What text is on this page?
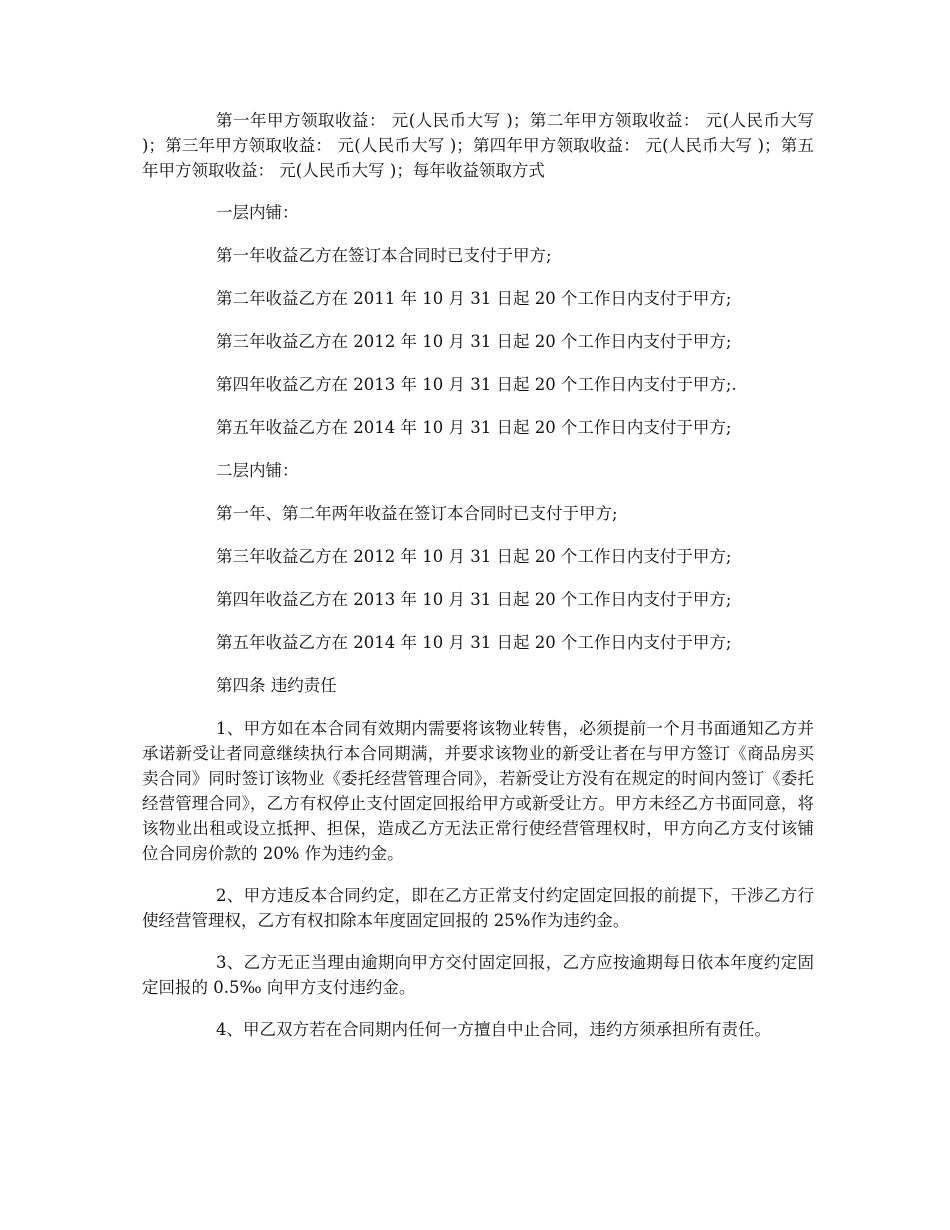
第一年甲方领取收益： 元(人民币大写 )；第二年甲方领取收益： 元(人民币大写 )；第三年甲方领取收益： 元(人民币大写 )；第四年甲方领取收益： 元(人民币大写 )；第五年甲方领取收益： 元(人民币大写 )；每年收益领取方式

一层内铺：

第一年收益乙方在签订本合同时已支付于甲方;

第二年收益乙方在 2011 年 10 月 31 日起 20 个工作日内支付于甲方;

第三年收益乙方在 2012 年 10 月 31 日起 20 个工作日内支付于甲方;

第四年收益乙方在 2013 年 10 月 31 日起 20 个工作日内支付于甲方;.

第五年收益乙方在 2014 年 10 月 31 日起 20 个工作日内支付于甲方;

二层内铺：

第一年、第二年两年收益在签订本合同时已支付于甲方;

第三年收益乙方在 2012 年 10 月 31 日起 20 个工作日内支付于甲方;

第四年收益乙方在 2013 年 10 月 31 日起 20 个工作日内支付于甲方;

第五年收益乙方在 2014 年 10 月 31 日起 20 个工作日内支付于甲方;

第四条 违约责任

1、甲方如在本合同有效期内需要将该物业转售，必须提前一个月书面通知乙方并承诺新受让者同意继续执行本合同期满，并要求该物业的新受让者在与甲方签订《商品房买卖合同》同时签订该物业《委托经营管理合同》，若新受让方没有在规定的时间内签订《委托经营管理合同》，乙方有权停止支付固定回报给甲方或新受让方。甲方未经乙方书面同意，将该物业出租或设立抵押、担保，造成乙方无法正常行使经营管理权时，甲方向乙方支付该铺位合同房价款的 20% 作为违约金。

2、甲方违反本合同约定，即在乙方正常支付约定固定回报的前提下，干涉乙方行使经营管理权，乙方有权扣除本年度固定回报的 25%作为违约金。

3、乙方无正当理由逾期向甲方交付固定回报，乙方应按逾期每日依本年度约定固定回报的 0.5‰ 向甲方支付违约金。

4、甲乙双方若在合同期内任何一方擅自中止合同，违约方须承担所有责任。
